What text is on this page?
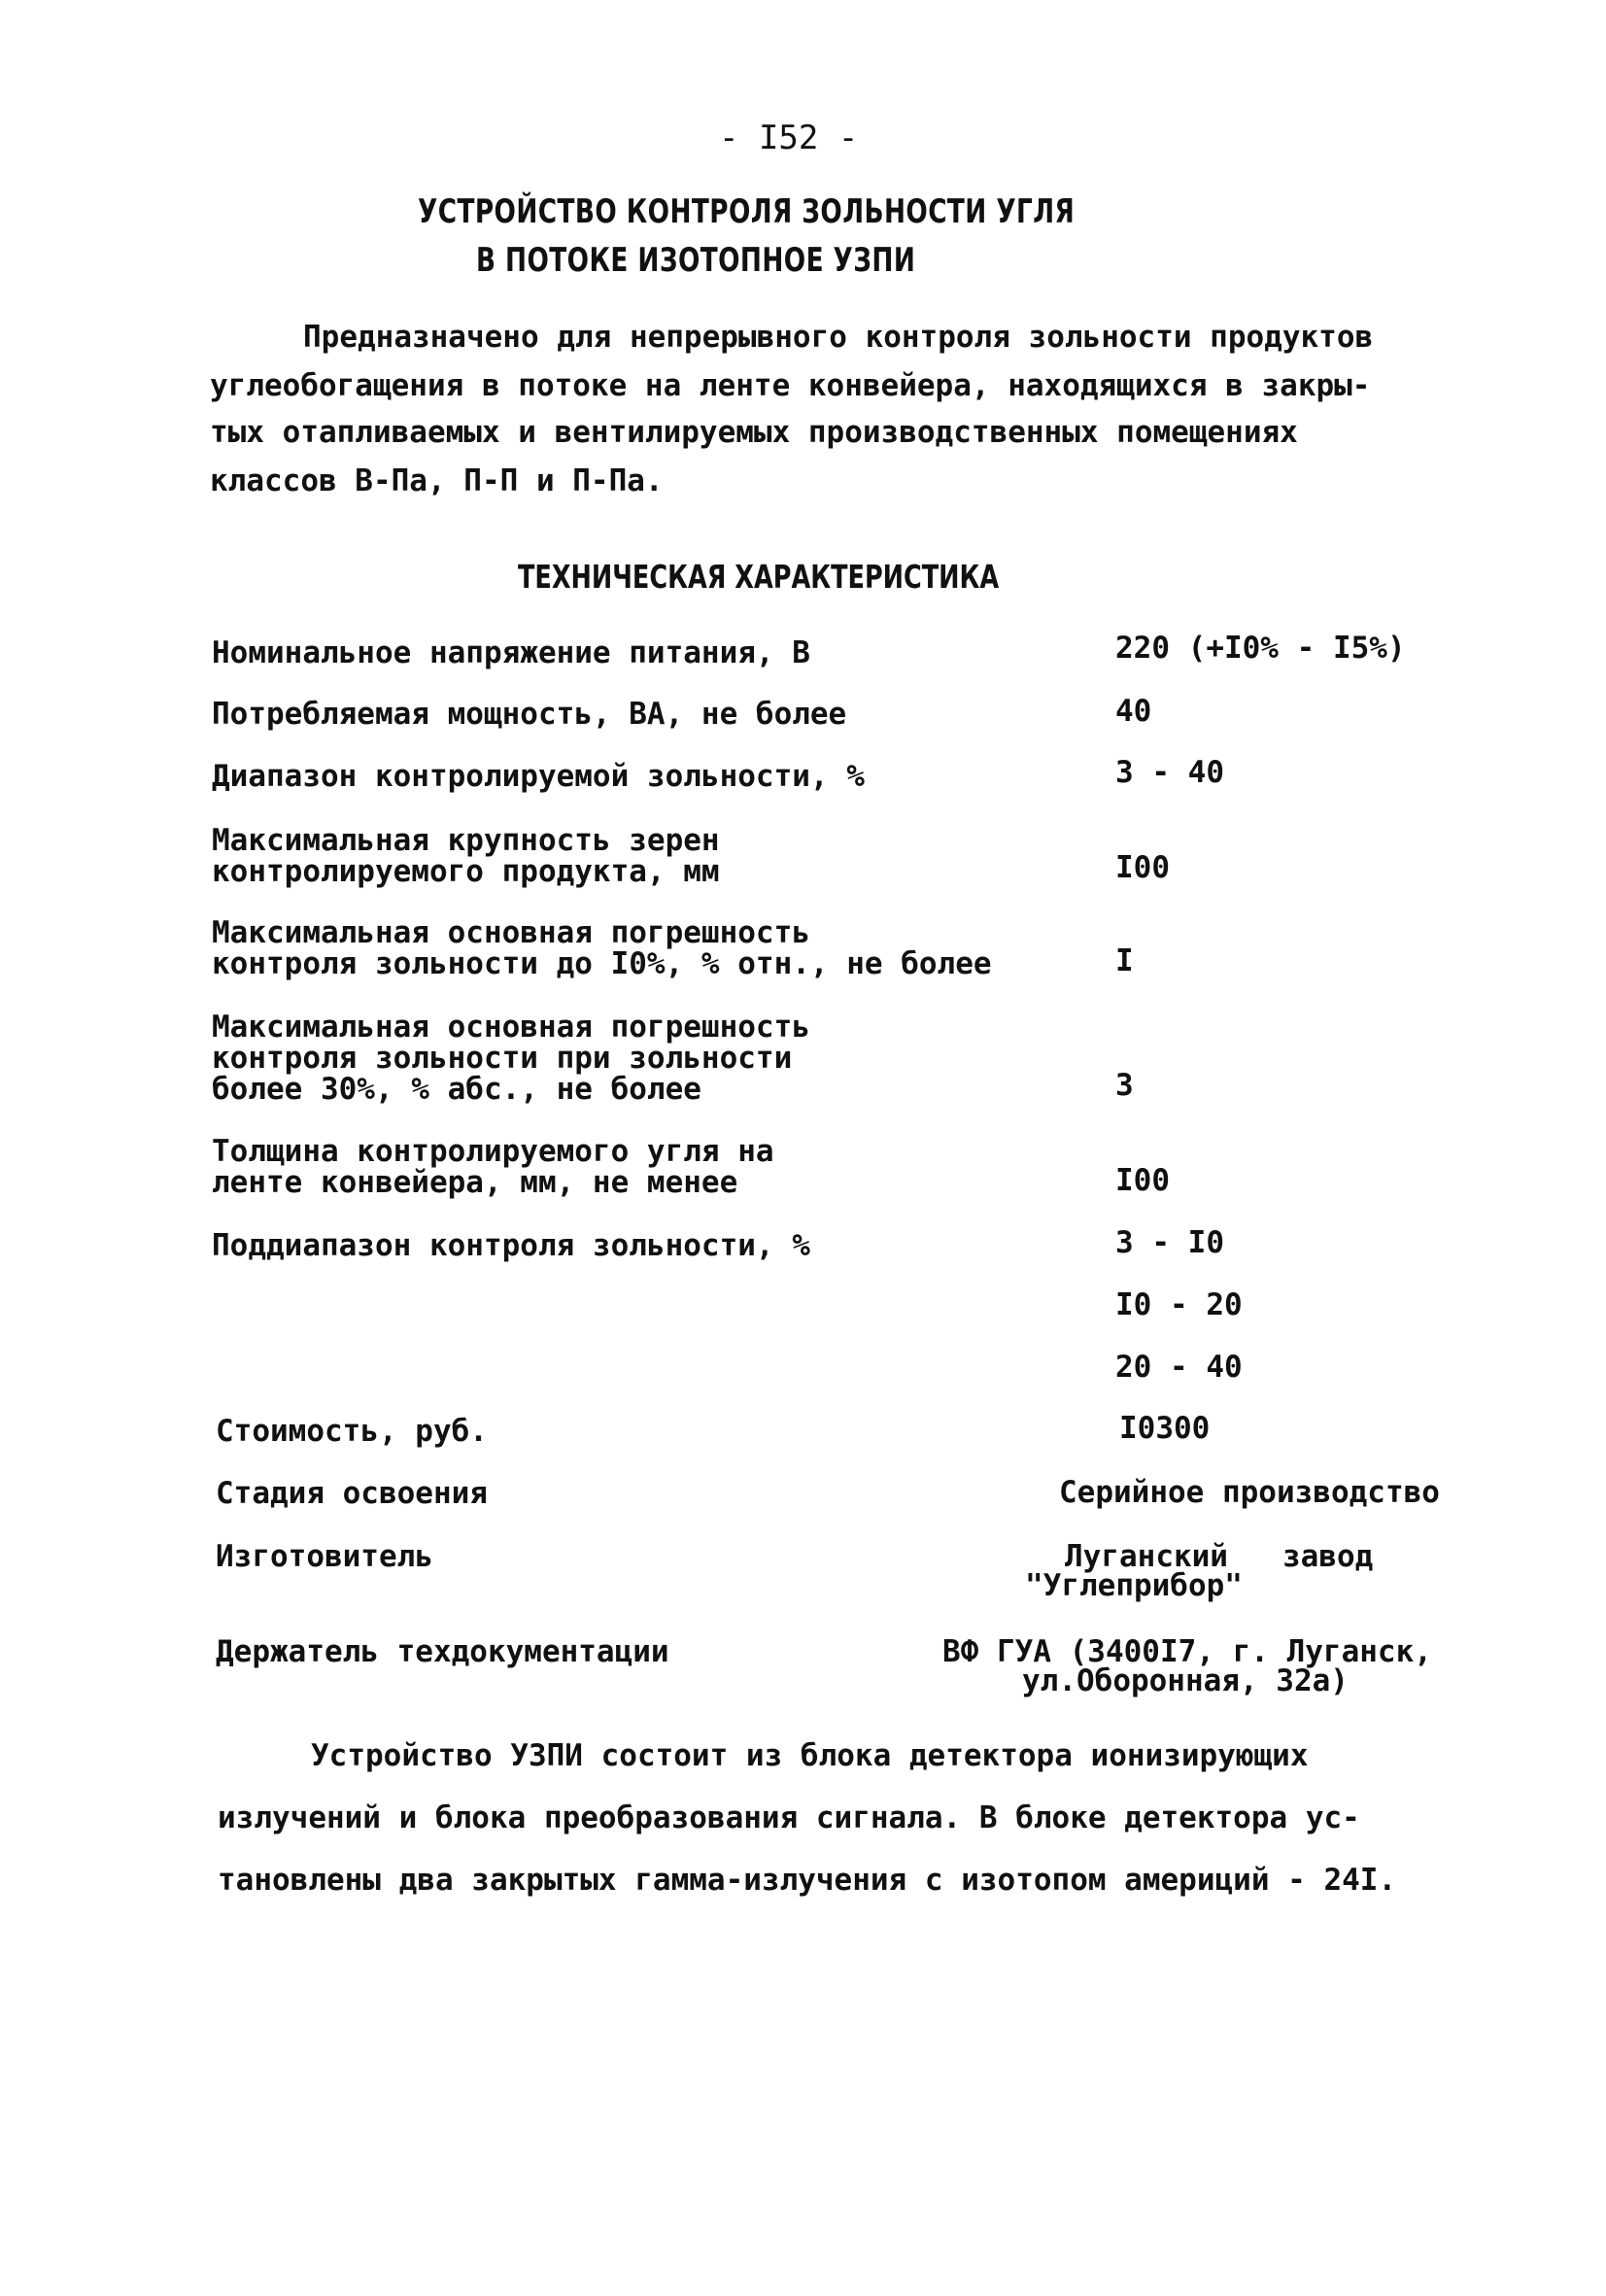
- I52 -

УСТРОЙСТВО КОНТРОЛЯ ЗОЛЬНОСТИ УГЛЯ

В ПОТОКЕ ИЗОТОПНОЕ УЗПИ

Предназначено для непрерывного контроля зольности продуктов

углеобогащения в потоке на ленте конвейера, находящихся в закры-

тых отапливаемых и вентилируемых производственных помещениях

классов В-Па, П-П и П-Па.

ТЕХНИЧЕСКАЯ ХАРАКТЕРИСТИКА

Номинальное напряжение питания, В	220 (+I0% - I5%)

Потребляемая мощность, ВА, не более	40

Диапазон контролируемой зольности, %	3 - 40

Максимальная крупность зерен

контролируемого продукта, мм	I00

Максимальная основная погрешность

контроля зольности до I0%, % отн., не более	I

Максимальная основная погрешность

контроля зольности при зольности

более 30%, % абс., не более	3

Толщина контролируемого угля на

ленте конвейера, мм, не менее	I00

Поддиапазон контроля зольности, %	3 - I0

I0 - 20

20 - 40

Стоимость, руб.	I0300

Стадия освоения	Серийное производство

Изготовитель	Луганский   завод

"Углеприбор"

Держатель техдокументации	ВФ ГУА (3400I7, г. Луганск,

ул.Оборонная, 32а)

Устройство УЗПИ состоит из блока детектора ионизирующих

излучений и блока преобразования сигнала. В блоке детектора ус-

тановлены два закрытых гамма-излучения с изотопом америций - 24I.
